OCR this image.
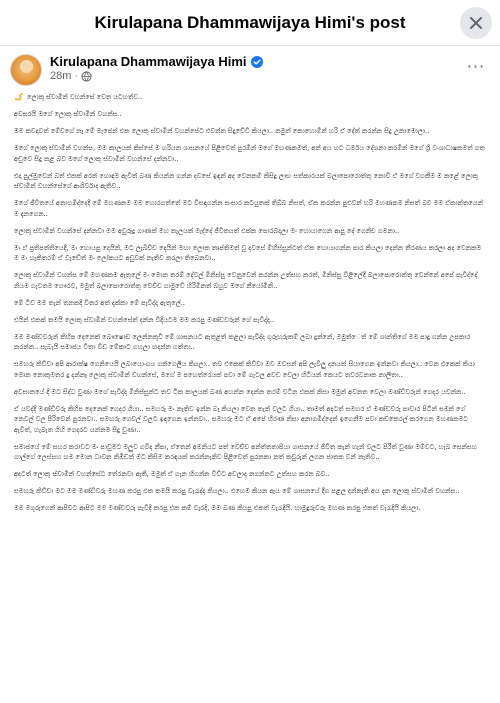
Kirulapana Dhammawijaya Himi's post
Kirulapana Dhammawijaya Himi
28m ·
···

ලොකු ස්වාමීන් වහන්සේ වෙත යටහත්ව..

අවසරයි මගේ ලොකු ස්වාමීන් වහන්ස..

මම කවදාවත් මේවගේ නෑ මේ මැජෙන් එක ලොකු ස්වාමීන් වහන්සේට එවන්න සිදුවේවි කියලා.. නමුත් කොහොමින් හරි ඒ දේත් කරන්න සිදු උනාමොලා..

මගේ ලොකු ස්වාමීන් වහන්ස, මම කාලයක් කිස්සේ ම හරියන ශාසනයේ පිළිවෙත් පුරමින් මගේ මහණකමත්, අන් අය හට ධර්මය දේශනා කරමින් මගේ ශ්‍රී වංශාධාෂකමත් ගත අඩුවෙ සිදු කළ බව මගේ ලොකු ස්වාමීන් වහන්සේ දන්නවා..

එදා පුල්මුවෙන් බත් එකක් අරන් හොඳම ඇවිත් බණ කියන්න ගන්න දවසේ ඉඳන් අද වෙනකම් කිසිදු ලාභ සත්කාරයක් බලාපොරොත්තු නොවී ඒ මගේ වගකීම ම කළේ ලොකු ස්වාමීන් වහන්සේගේ ආශිර්වාද ඇතිව..

මගේ ජීවිතයේ අනාගමිද්දෙදී මේ මහණකම මම හොරගත්තේ මට විසඳගන්න සංසාර කටයුතක් තිබ්බ නිසත්, ඒක කරන්න පුළුවන් හරි මහණකම නිසත් බව මම ඒකාන්තයෙන් ම දැනගෙන..

ලොකු ස්වාමීන් වහන්සේ දන්නවා මම අවුරුදු ගාණක් මහ කැලයක් මැද්දේ ජීවිතයත් එක්ක පොරබදලා මං හොයාගෙන ආපු දේ ගෙනිච ගමනා..

මං ඒ ප්‍රතිපත්තියෙදී, මං හොයපු දෙයින්, මට ලැබිච්ච දෙයින් මහා ලොක තෘප්තිමත් වූ දවසේ ම්හිස්සුන්ටත් ඒක හොයාගන්න පාර කියලා දෙන්න තීරණය කරලා අද වෙනකම ම මං හැකිතරම් ඒ වැඩේත් මං ලෝකයට අඩුවක් නැතිව කරලා තිබෙනවා..

ලොකු ස්වාමීන් වහන්ස මේ මහණකම ඇතුලේ මං මොන තරම් දේවල් මිනිස්සු වෙනුවෙන් කරන්න උත්සහ කරත්, මිනිස්සු විළිලේදී බලාපොරොත්තු වෙන්නේ අපේ පැවිද්දේ නියම ගැවතම ගෞරව, මමුත් බලාපොරොත්තු වෙච්ච ගාමුවේ හිරිමිනත් බහුව මගේ නීයෝමිනි..

මේ ටිව මම තැන් තනකදී වීතර අත් දැක්කා මේ පැවිද්ද ඇතුලේ..

එයින් එකක් තමයි ලොකු ස්වාමීන් වහන්සේත් දන්න විදියටම මම කරපු මණ්ඩවරුන් ගේ පැවිද්ද..

මම මණ්ඩවරුන් කිහිප දෙනෙක් බෞෂොඩ ලෙන්නකුවී මේ ශාසනයට ඇතුළත් කළලා පැවිද්ද ගුරුහරුකම් ලබා දුන්නේ, මමුත්ෙත් මේ ශාන්තිගේ මම පාදු ගන්න උපකාර කරන්න.. සැබැයි සමාජය විතා විඩ මේකාට ගහලා හදන්න ගත්තා..

සමහරු කිව්වා අපි ආරාක්ෂ ගෙනියෙයි ලබායොංගය ගන්ගෙලිය කියලා.. තව එකෙක් කිව්වා ඔව ඔවසන් අපි ලැවිලු දනයක් සියාගෙන ඉන්නවා කියලා.. වෙන එකෙක් කියා මොන නොකුමතර දු දන්නෑ ලොකු ස්වාමීන් වහන්සේ, මගේ ම පහෙත්රෙයක් පවා මේ ගැටල අවඩ වෙලා හිටියන් කෙයට තවරවනාක නාලිතා..

අවසානයේ දී මට සිද්ධ වුණා මගේ පැවිද්ද මිනිස්සුන්ට තව ටික කාලයක් බණ අහන්න දෙන්න තරම් වටින එකක් නිසා මමුන් අවනත වෙලා මණ්ඩිවරුන් ගෙදර යවන්න..

ඒ යවද්දි මණ්ඩිවරු කිහිප දෙනෙක් ගෙදර ගියා.. සමහරු මං නැතිව ඉන්න බෑ කියලා වෙන තැන් වලට ගියා.. තාමත් අදටත් සමහර ඒ මණ්ඩවරු පාවාර පිටින් සමන් ගේ නෙවල් වල පිරිවෙන් පුරනවා.. සමහරු ගෙවල් වලට ඉඳගෙන ඉන්නවා.. සමහරු මට ඒ අපේ හීරණ නිසා අනාගමිද්දෙන් ඉගෙනීම පවා කඩකෙරල් කරගෙන මහණකමට ඇවිත්, හැබැත ගිහි ගෙදරට යන්නම සිදු වුණා..

සමාජයේ මේ සහර කරාවට මං පාවුමට මලුව ගවීද නීපා, ඒතෙන් අමනියට පත් වෙච්ච අන්ත්තතාපියා ශාසනයේ ජීවිත කැන් හැන් වලට පිරීත් වුණා මම්වට, හැබ සෙන්සහ ගාල්ගේ ලෙස්සහ හම මොන ධාවන නිඹිඩන් මට කිසිම නරඳයක් කරන්නැනිව පිළිවෙත් පුරනකා නත් කවුරුන් ලගන ජාතක වන් නැතිව..

අදටත් ලොකු ස්වාමීන් වහන්සේට තේරනවා ඇති, මමුත් ඒ ගැන හිගන්න විව්ට අවලාද නගන්නට උත්සහ කරන බව..

සමහරු කිව්වා මට මම මණ්ඩිවරු මහණ කරපු එක තමයි කරපු වැරැද්ද කියලා.. එහෙම කියන ඇය මේ ශාසනයේ දීග පළල දන්නැති අය දැන ලොකු ස්වාමීන් වහන්ස..

මම මගුරුගෙන් ආපිවට ආපිට මම මණ්ඩවරු පැවිදි කරපු එක නම් වැරදි, මම බණ කියපු එකත් වැරැදියි. හාමුදුරුවරු මහණ කරපු එකත් වැරැදියි කියලා.
